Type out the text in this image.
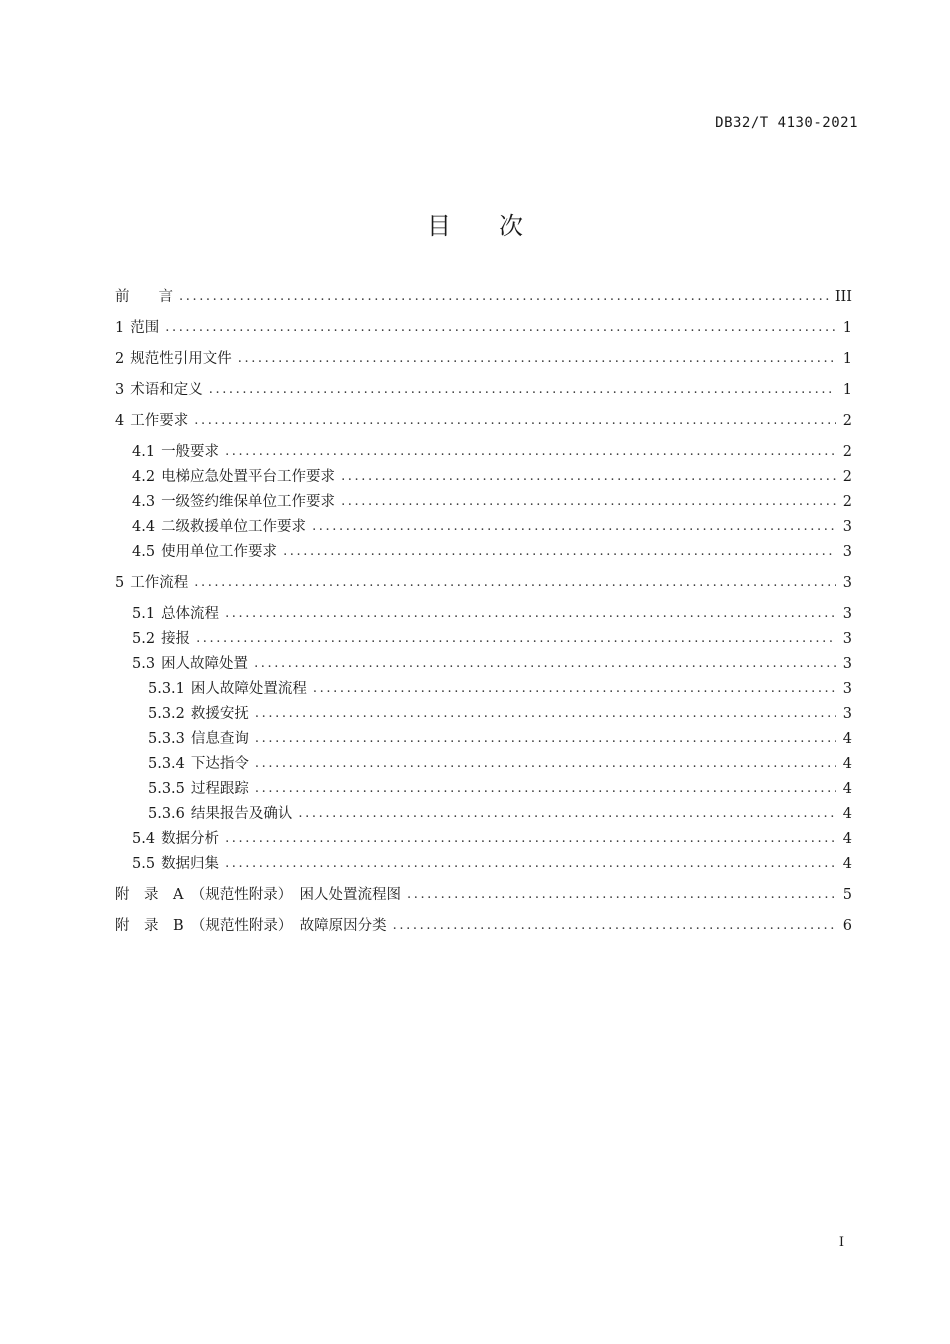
DB32/T 4130-2021
目次
前　　言 .....	III
1 范围 .....	1
2 规范性引用文件 .....	1
3 术语和定义 .....	1
4 工作要求 .....	2
4.1 一般要求 .....	2
4.2 电梯应急处置平台工作要求 .....	2
4.3 一级签约维保单位工作要求 .....	2
4.4 二级救援单位工作要求 .....	3
4.5 使用单位工作要求 .....	3
5 工作流程 .....	3
5.1 总体流程 .....	3
5.2 接报 .....	3
5.3 困人故障处置 .....	3
5.3.1 困人故障处置流程 .....	3
5.3.2 救援安抚 .....	3
5.3.3 信息查询 .....	4
5.3.4 下达指令 .....	4
5.3.5 过程跟踪 .....	4
5.3.6 结果报告及确认 .....	4
5.4 数据分析 .....	4
5.5 数据归集 .....	4
附　录　A　（规范性附录）　困人处置流程图 .....	5
附　录　B　（规范性附录）　故障原因分类 .....	6
I
